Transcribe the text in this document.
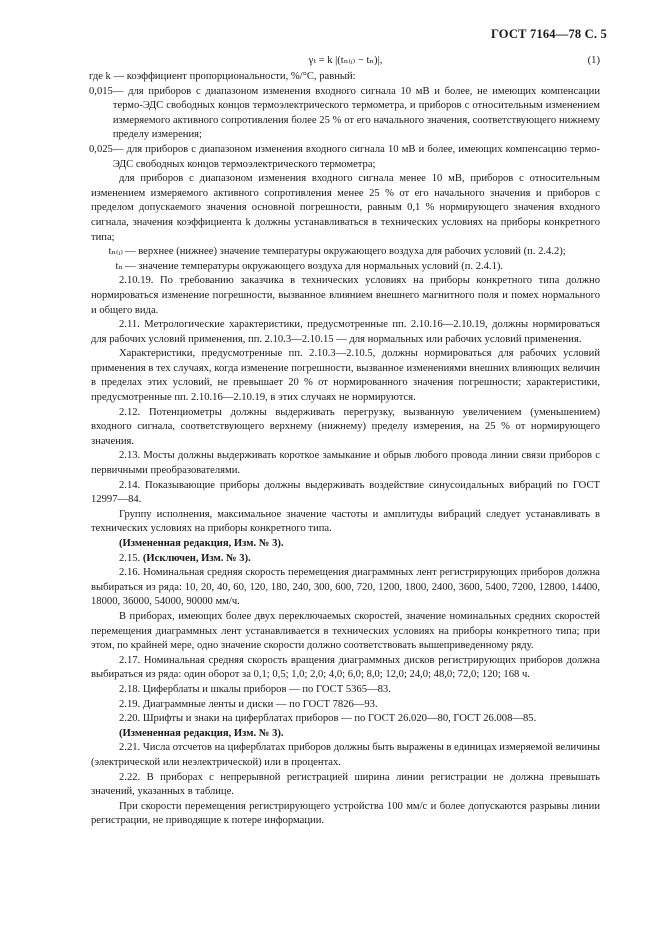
ГОСТ 7164—78 С. 5
γₜ = k |(tₙ₍ᵢ₎ − tₙ)|,	(1)

где k — коэффициент пропорциональности, %/°С, равный:

0,015 — для приборов с диапазоном изменения входного сигнала 10 мВ и более, не имеющих компенсации термо-ЭДС свободных концов термоэлектрического термометра, и приборов с относительным изменением измеряемого активного сопротивления более 25 % от его начального значения, соответствующего нижнему пределу измерения;
0,025 — для приборов с диапазоном изменения входного сигнала 10 мВ и более, имеющих компенсацию термо-ЭДС свободных концов термоэлектрического термометра;

для приборов с диапазоном изменения входного сигнала менее 10 мВ, приборов с относительным изменением измеряемого активного сопротивления менее 25 % от его начального значения и приборов с пределом допускаемого значения основной погрешности, равным 0,1 % нормирующего значения входного сигнала, значения коэффициента k должны устанавливаться в технических условиях на приборы конкретного типа;

tₙ₍ᵢ₎ — верхнее (нижнее) значение температуры окружающего воздуха для рабочих условий (п. 2.4.2);
tₙ — значение температуры окружающего воздуха для нормальных условий (п. 2.4.1).

2.10.19. По требованию заказчика в технических условиях на приборы конкретного типа должно нормироваться изменение погрешности, вызванное влиянием внешнего магнитного поля и помех нормального и общего вида.

2.11. Метрологические характеристики, предусмотренные пп. 2.10.16—2.10.19, должны нормироваться для рабочих условий применения, пп. 2.10.3—2.10.15 — для нормальных или рабочих условий применения.

Характеристики, предусмотренные пп. 2.10.3—2.10.5, должны нормироваться для рабочих условий применения в тех случаях, когда изменение погрешности, вызванное изменениями внешних влияющих величин в пределах этих условий, не превышает 20 % от нормированного значения погрешности; характеристики, предусмотренные пп. 2.10.16—2.10.19, в этих случаях не нормируются.

2.12. Потенциометры должны выдерживать перегрузку, вызванную увеличением (уменьшением) входного сигнала, соответствующего верхнему (нижнему) пределу измерения, на 25 % от нормирующего значения.

2.13. Мосты должны выдерживать короткое замыкание и обрыв любого провода линии связи приборов с первичными преобразователями.

2.14. Показывающие приборы должны выдерживать воздействие синусоидальных вибраций по ГОСТ 12997—84.

Группу исполнения, максимальное значение частоты и амплитуды вибраций следует устанавливать в технических условиях на приборы конкретного типа.

(Измененная редакция, Изм. № 3).

2.15. (Исключен, Изм. № 3).

2.16. Номинальная средняя скорость перемещения диаграммных лент регистрирующих приборов должна выбираться из ряда: 10, 20, 40, 60, 120, 180, 240, 300, 600, 720, 1200, 1800, 2400, 3600, 5400, 7200, 12800, 14400, 18000, 36000, 54000, 90000 мм/ч.

В приборах, имеющих более двух переключаемых скоростей, значение номинальных средних скоростей перемещения диаграммных лент устанавливается в технических условиях на приборы конкретного типа; при этом, по крайней мере, одно значение скорости должно соответствовать вышеприведенному ряду.

2.17. Номинальная средняя скорость вращения диаграммных дисков регистрирующих приборов должна выбираться из ряда: один оборот за 0,1; 0,5; 1,0; 2,0; 4,0; 6,0; 8,0; 12,0; 24,0; 48,0; 72,0; 120; 168 ч.

2.18. Циферблаты и шкалы приборов — по ГОСТ 5365—83.

2.19. Диаграммные ленты и диски — по ГОСТ 7826—93.

2.20. Шрифты и знаки на циферблатах приборов — по ГОСТ 26.020—80, ГОСТ 26.008—85.

(Измененная редакция, Изм. № 3).

2.21. Числа отсчетов на циферблатах приборов должны быть выражены в единицах измеряемой величины (электрической или неэлектрической) или в процентах.

2.22. В приборах с непрерывной регистрацией ширина линии регистрации не должна превышать значений, указанных в таблице.

При скорости перемещения регистрирующего устройства 100 мм/с и более допускаются разрывы линии регистрации, не приводящие к потере информации.
